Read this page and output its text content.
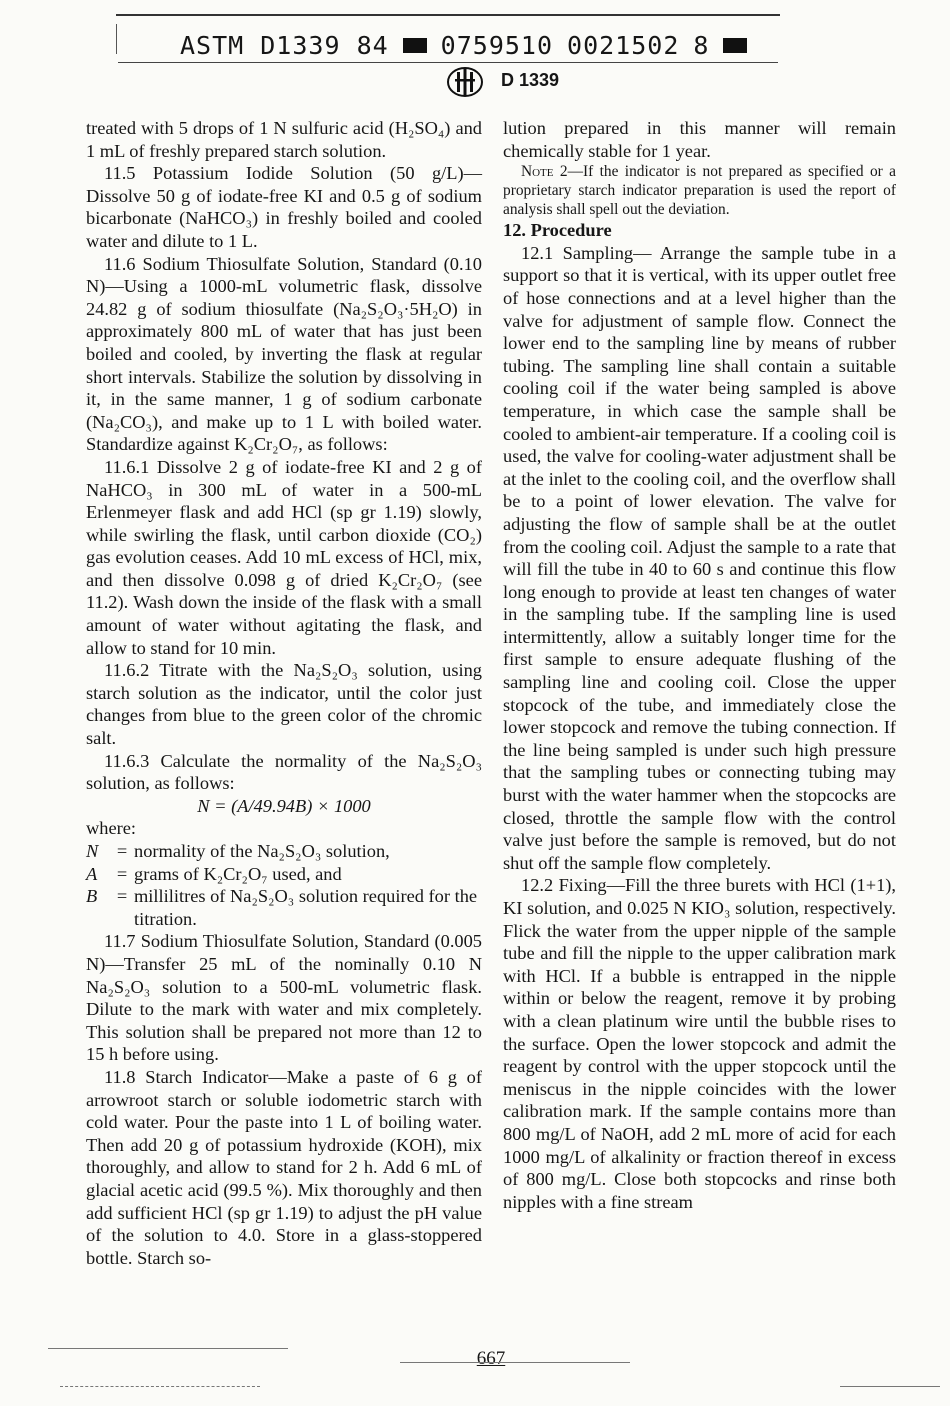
ASTM D1339 84 0759510 0021502 8
D 1339

treated with 5 drops of 1 N sulfuric acid (H₂SO₄) and 1 mL of freshly prepared starch solution.

11.5 Potassium Iodide Solution (50 g/L)—Dissolve 50 g of iodate-free KI and 0.5 g of sodium bicarbonate (NaHCO₃) in freshly boiled and cooled water and dilute to 1 L.

11.6 Sodium Thiosulfate Solution, Standard (0.10 N)—Using a 1000-mL volumetric flask, dissolve 24.82 g of sodium thiosulfate (Na₂S₂O₃·5H₂O) in approximately 800 mL of water that has just been boiled and cooled, by inverting the flask at regular short intervals. Stabilize the solution by dissolving in it, in the same manner, 1 g of sodium carbonate (Na₂CO₃), and make up to 1 L with boiled water. Standardize against K₂Cr₂O₇, as follows:

11.6.1 Dissolve 2 g of iodate-free KI and 2 g of NaHCO₃ in 300 mL of water in a 500-mL Erlenmeyer flask and add HCl (sp gr 1.19) slowly, while swirling the flask, until carbon dioxide (CO₂) gas evolution ceases. Add 10 mL excess of HCl, mix, and then dissolve 0.098 g of dried K₂Cr₂O₇ (see 11.2). Wash down the inside of the flask with a small amount of water without agitating the flask, and allow to stand for 10 min.

11.6.2 Titrate with the Na₂S₂O₃ solution, using starch solution as the indicator, until the color just changes from blue to the green color of the chromic salt.

11.6.3 Calculate the normality of the Na₂S₂O₃ solution, as follows:

N = (A/49.94B) × 1000

where:

N	= normality of the Na₂S₂O₃ solution,
A	= grams of K₂Cr₂O₇ used, and
B	= millilitres of Na₂S₂O₃ solution required for the titration.

11.7 Sodium Thiosulfate Solution, Standard (0.005 N)—Transfer 25 mL of the nominally 0.10 N Na₂S₂O₃ solution to a 500-mL volumetric flask. Dilute to the mark with water and mix completely. This solution shall be prepared not more than 12 to 15 h before using.

11.8 Starch Indicator—Make a paste of 6 g of arrowroot starch or soluble iodometric starch with cold water. Pour the paste into 1 L of boiling water. Then add 20 g of potassium hydroxide (KOH), mix thoroughly, and allow to stand for 2 h. Add 6 mL of glacial acetic acid (99.5 %). Mix thoroughly and then add sufficient HCl (sp gr 1.19) to adjust the pH value of the solution to 4.0. Store in a glass-stoppered bottle. Starch so-

lution prepared in this manner will remain chemically stable for 1 year.

Note 2—If the indicator is not prepared as specified or a proprietary starch indicator preparation is used the report of analysis shall spell out the deviation.

12. Procedure

12.1 Sampling— Arrange the sample tube in a support so that it is vertical, with its upper outlet free of hose connections and at a level higher than the valve for adjustment of sample flow. Connect the lower end to the sampling line by means of rubber tubing. The sampling line shall contain a suitable cooling coil if the water being sampled is above temperature, in which case the sample shall be cooled to ambient-air temperature. If a cooling coil is used, the valve for cooling-water adjustment shall be at the inlet to the cooling coil, and the overflow shall be to a point of lower elevation. The valve for adjusting the flow of sample shall be at the outlet from the cooling coil. Adjust the sample to a rate that will fill the tube in 40 to 60 s and continue this flow long enough to provide at least ten changes of water in the sampling tube. If the sampling line is used intermittently, allow a suitably longer time for the first sample to ensure adequate flushing of the sampling line and cooling coil. Close the upper stopcock of the tube, and immediately close the lower stopcock and remove the tubing connection. If the line being sampled is under such high pressure that the sampling tubes or connecting tubing may burst with the water hammer when the stopcocks are closed, throttle the sample flow with the control valve just before the sample is removed, but do not shut off the sample flow completely.

12.2 Fixing—Fill the three burets with HCl (1+1), KI solution, and 0.025 N KIO₃ solution, respectively. Flick the water from the upper nipple of the sample tube and fill the nipple to the upper calibration mark with HCl. If a bubble is entrapped in the nipple within or below the reagent, remove it by probing with a clean platinum wire until the bubble rises to the surface. Open the lower stopcock and admit the reagent by control with the upper stopcock until the meniscus in the nipple coincides with the lower calibration mark. If the sample contains more than 800 mg/L of NaOH, add 2 mL more of acid for each 1000 mg/L of alkalinity or fraction thereof in excess of 800 mg/L. Close both stopcocks and rinse both nipples with a fine stream

667
